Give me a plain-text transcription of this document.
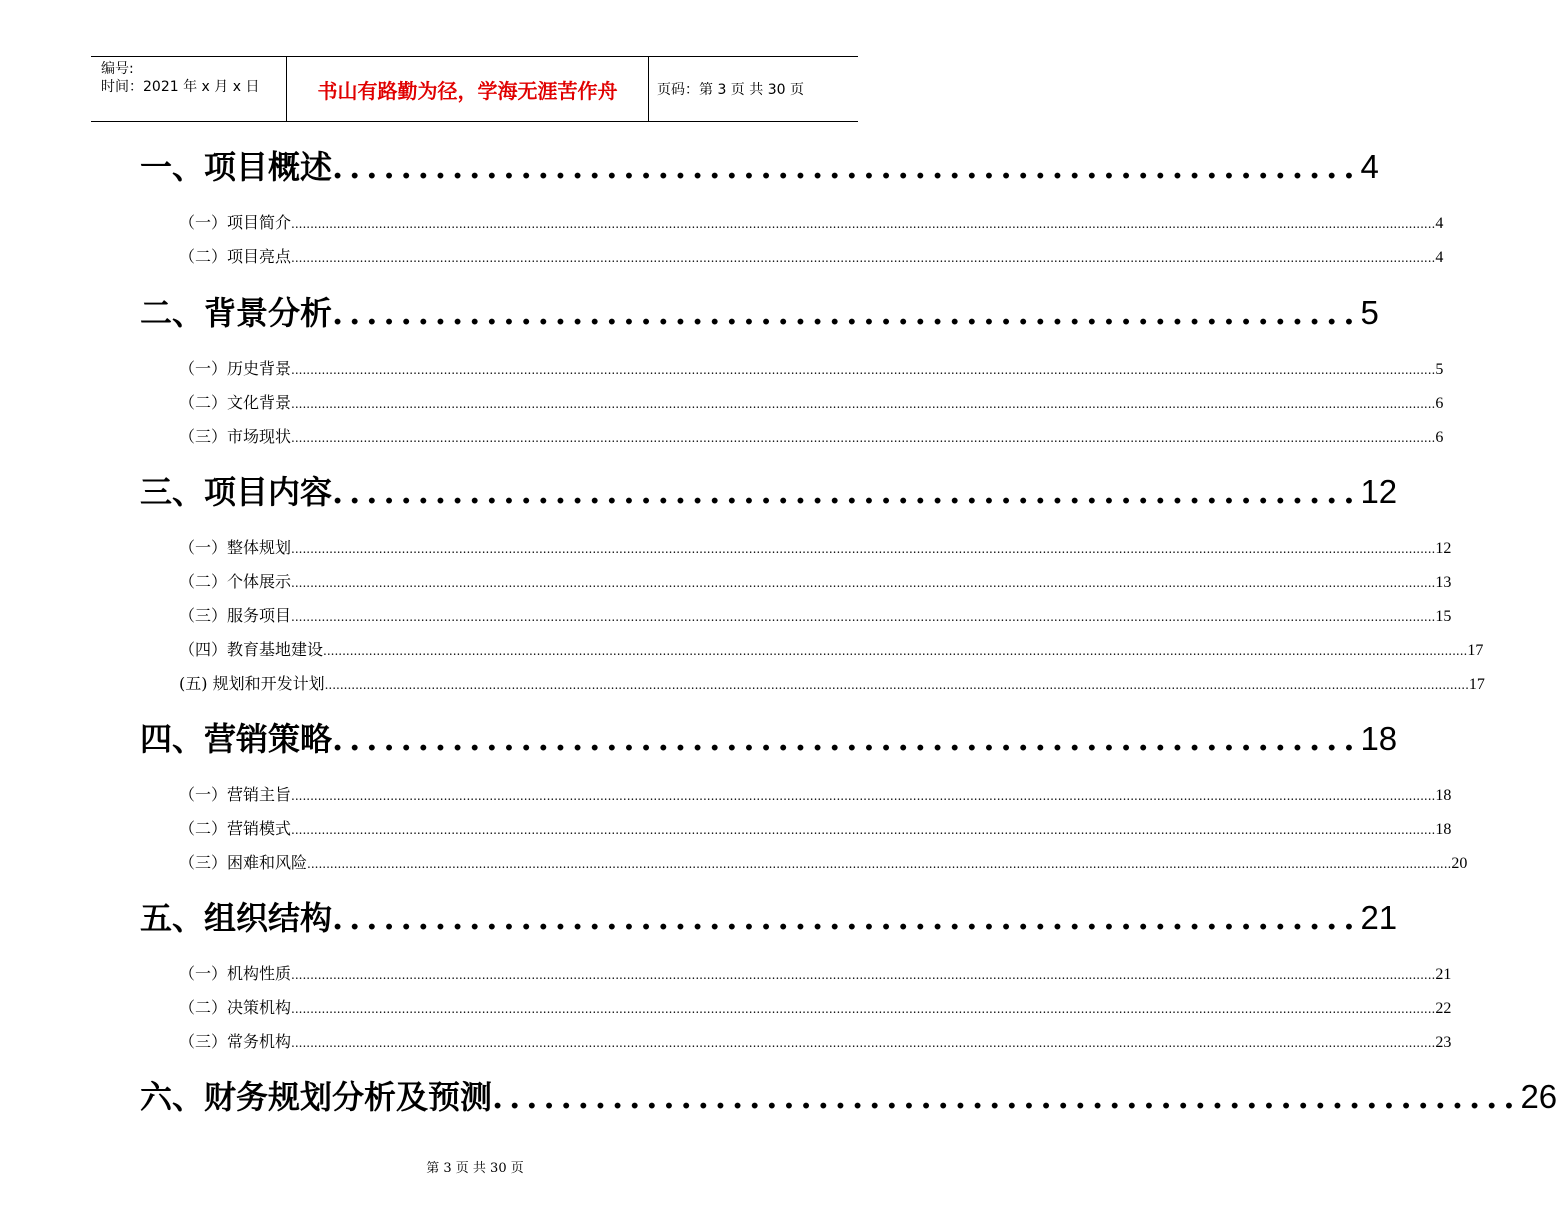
编号:
时间：2021 年 x 月 x 日	书山有路勤为径，学海无涯苦作舟	页码：第 3 页 共 30 页
一、项目概述 ............................................................ 4
（一）项目简介 ............................................................................................................................................................................................................................................................................................................ 4
（二）项目亮点 ............................................................................................................................................................................................................................................................................................................ 4
二、背景分析 ............................................................ 5
（一）历史背景 ............................................................................................................................................................................................................................................................................................................ 5
（二）文化背景 ............................................................................................................................................................................................................................................................................................................ 6
（三）市场现状 ............................................................................................................................................................................................................................................................................................................ 6
三、项目内容 ............................................................ 12
（一）整体规划 ............................................................................................................................................................................................................................................................................................................ 12
（二）个体展示 ............................................................................................................................................................................................................................................................................................................ 13
（三）服务项目 ............................................................................................................................................................................................................................................................................................................ 15
（四）教育基地建设 ............................................................................................................................................................................................................................................................................................................ 17
(五) 规划和开发计划 ............................................................................................................................................................................................................................................................................................................ 17
四、营销策略 ............................................................ 18
（一）营销主旨 ............................................................................................................................................................................................................................................................................................................ 18
（二）营销模式 ............................................................................................................................................................................................................................................................................................................ 18
（三）困难和风险 ............................................................................................................................................................................................................................................................................................................ 20
五、组织结构 ............................................................ 21
（一）机构性质 ............................................................................................................................................................................................................................................................................................................ 21
（二）决策机构 ............................................................................................................................................................................................................................................................................................................ 22
（三）常务机构 ............................................................................................................................................................................................................................................................................................................ 23
六、财务规划分析及预测 ............................................................ 26
第 3 页 共 30 页
